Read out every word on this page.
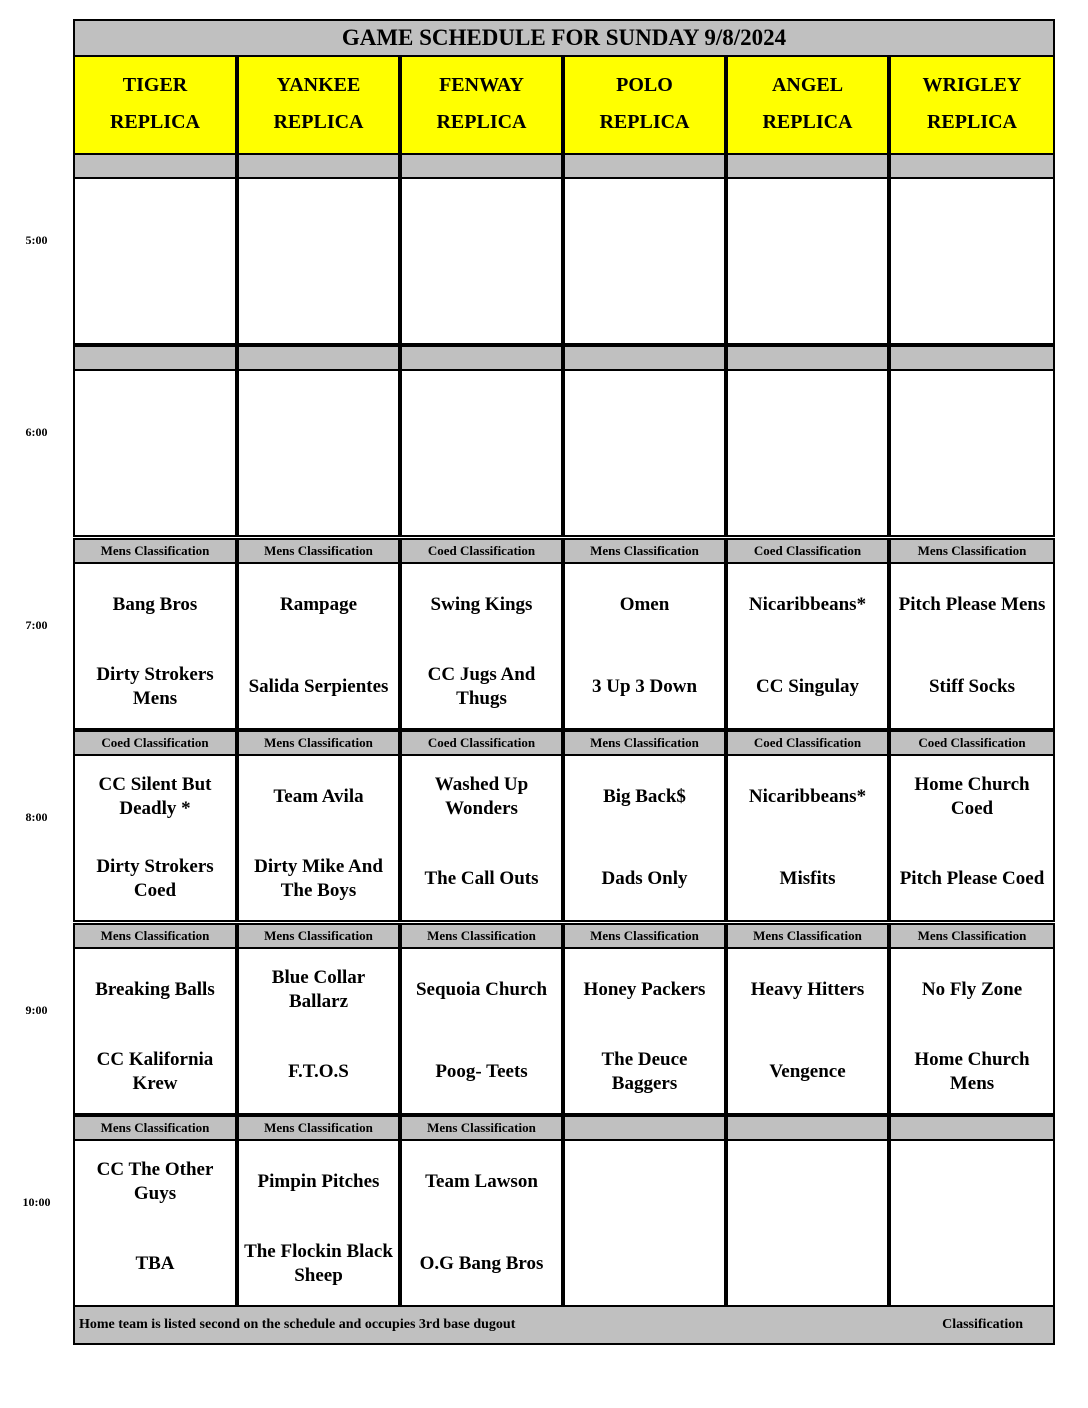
GAME SCHEDULE FOR SUNDAY 9/8/2024
TIGER
REPLICA
YANKEE
REPLICA
FENWAY
REPLICA
POLO
REPLICA
ANGEL
REPLICA
WRIGLEY
REPLICA
Mens Classification
Bang Bros
Dirty Strokers Mens
Mens Classification
Rampage
Salida Serpientes
Coed Classification
Swing Kings
CC Jugs And Thugs
Mens Classification
Omen
3 Up 3 Down
Coed Classification
Nicaribbeans*
CC Singulay
Mens Classification
Pitch Please Mens
Stiff Socks
Coed Classification
CC Silent But Deadly *
Dirty Strokers Coed
Mens Classification
Team Avila
Dirty Mike And The Boys
Coed Classification
Washed Up Wonders
The Call Outs
Mens Classification
Big Back$
Dads Only
Coed Classification
Nicaribbeans*
Misfits
Coed Classification
Home Church Coed
Pitch Please Coed
Mens Classification
Breaking Balls
CC Kalifornia Krew
Mens Classification
Blue Collar Ballarz
F.T.O.S
Mens Classification
Sequoia Church
Poog- Teets
Mens Classification
Honey Packers
The Deuce Baggers
Mens Classification
Heavy Hitters
Vengence
Mens Classification
No Fly Zone
Home Church Mens
Mens Classification
CC The Other Guys
TBA
Mens Classification
Pimpin Pitches
The Flockin Black Sheep
Mens Classification
Team Lawson
O.G Bang Bros
Home team is listed second on the schedule and occupies 3rd base dugout	Classification
5:00
6:00
7:00
8:00
9:00
10:00
